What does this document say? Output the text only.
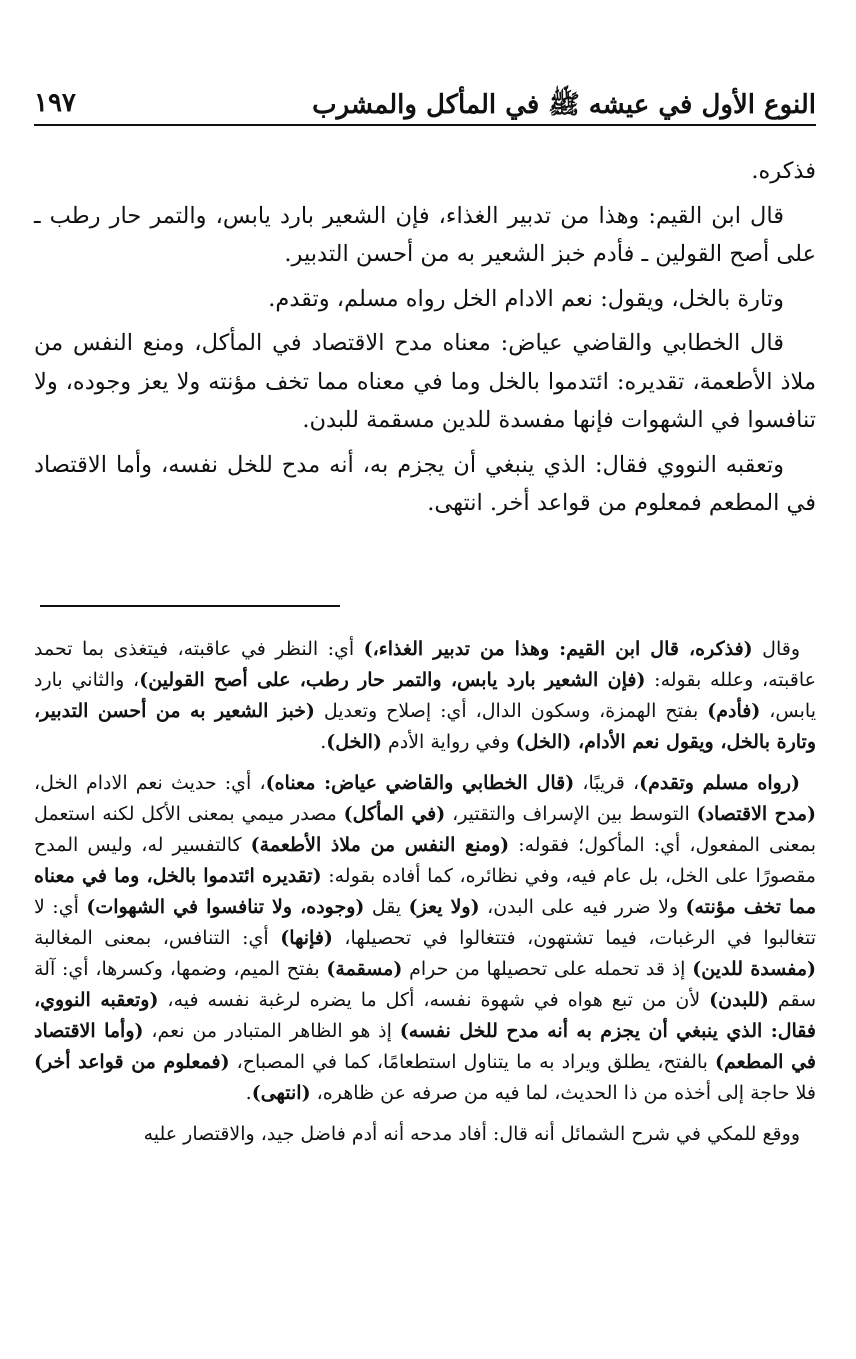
النوع الأول في عيشه ﷺ في المأكل والمشرب
١٩٧

فذكره.

قال ابن القيم: وهذا من تدبير الغذاء، فإن الشعير بارد يابس، والتمر حار رطب ـ على أصح القولين ـ فأدم خبز الشعير به من أحسن التدبير.

وتارة بالخل، ويقول: نعم الادام الخل رواه مسلم، وتقدم.

قال الخطابي والقاضي عياض: معناه مدح الاقتصاد في المأكل، ومنع النفس من ملاذ الأطعمة، تقديره: ائتدموا بالخل وما في معناه مما تخف مؤنته ولا يعز وجوده، ولا تنافسوا في الشهوات فإنها مفسدة للدين مسقمة للبدن.

وتعقبه النووي فقال: الذي ينبغي أن يجزم به، أنه مدح للخل نفسه، وأما الاقتصاد في المطعم فمعلوم من قواعد أخر. انتهى.

وقال (فذكره، قال ابن القيم: وهذا من تدبير الغذاء،) أي: النظر في عاقبته، فيتغذى بما تحمد عاقبته، وعلله بقوله: (فإن الشعير بارد يابس، والتمر حار رطب، على أصح القولين)، والثاني بارد يابس، (فأدم) بفتح الهمزة، وسكون الدال، أي: إصلاح وتعديل (خبز الشعير به من أحسن التدبير، وتارة بالخل، ويقول نعم الأدام، (الخل) وفي رواية الأدم (الخل).

(رواه مسلم وتقدم)، قريبًا، (قال الخطابي والقاضي عياض: معناه)، أي: حديث نعم الادام الخل، (مدح الاقتصاد) التوسط بين الإسراف والتقتير، (في المأكل) مصدر ميمي بمعنى الأكل لكنه استعمل بمعنى المفعول، أي: المأكول؛ فقوله: (ومنع النفس من ملاذ الأطعمة) كالتفسير له، وليس المدح مقصورًا على الخل، بل عام فيه، وفي نظائره، كما أفاده بقوله: (تقديره ائتدموا بالخل، وما في معناه مما تخف مؤنته) ولا ضرر فيه على البدن، (ولا يعز) يقل (وجوده، ولا تنافسوا في الشهوات) أي: لا تتغالبوا في الرغبات، فيما تشتهون، فتتغالوا في تحصيلها، (فإنها) أي: التنافس، بمعنى المغالبة (مفسدة للدين) إذ قد تحمله على تحصيلها من حرام (مسقمة) بفتح الميم، وضمها، وكسرها، أي: آلة سقم (للبدن) لأن من تبع هواه في شهوة نفسه، أكل ما يضره لرغبة نفسه فيه، (وتعقبه النووي، فقال: الذي ينبغي أن يجزم به أنه مدح للخل نفسه) إذ هو الظاهر المتبادر من نعم، (وأما الاقتصاد في المطعم) بالفتح، يطلق ويراد به ما يتناول استطعامًا، كما في المصباح، (فمعلوم من قواعد أخر) فلا حاجة إلى أخذه من ذا الحديث، لما فيه من صرفه عن ظاهره، (انتهى).

ووقع للمكي في شرح الشمائل أنه قال: أفاد مدحه أنه أدم فاضل جيد، والاقتصار عليه
